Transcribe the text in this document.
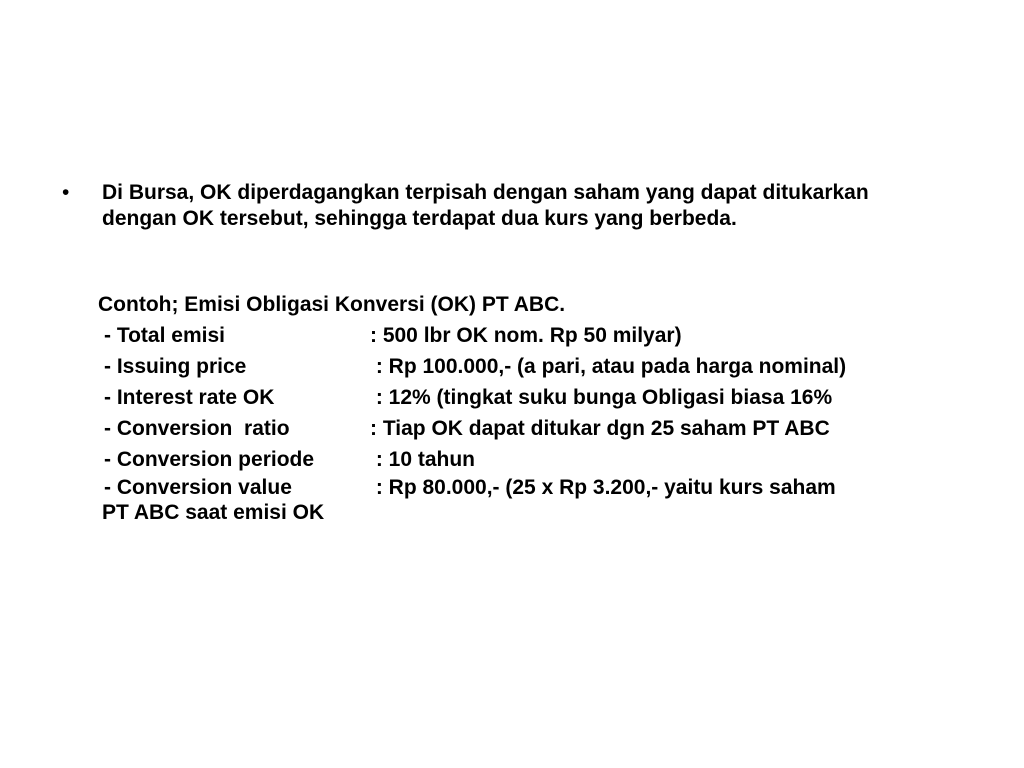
•	Di Bursa, OK diperdagangkan terpisah dengan saham yang dapat ditukarkan dengan OK tersebut, sehingga terdapat dua kurs yang berbeda.
Contoh; Emisi Obligasi Konversi (OK) PT ABC.
- Total emisi	: 500 lbr OK nom. Rp 50 milyar)
- Issuing price	: Rp 100.000,- (a pari, atau pada harga nominal)
- Interest rate OK	: 12% (tingkat suku bunga Obligasi biasa 16%
- Conversion  ratio	: Tiap OK dapat ditukar dgn 25 saham PT ABC
- Conversion periode	: 10 tahun
- Conversion value	: Rp 80.000,- (25 x Rp 3.200,- yaitu kurs saham
PT ABC saat emisi OK
